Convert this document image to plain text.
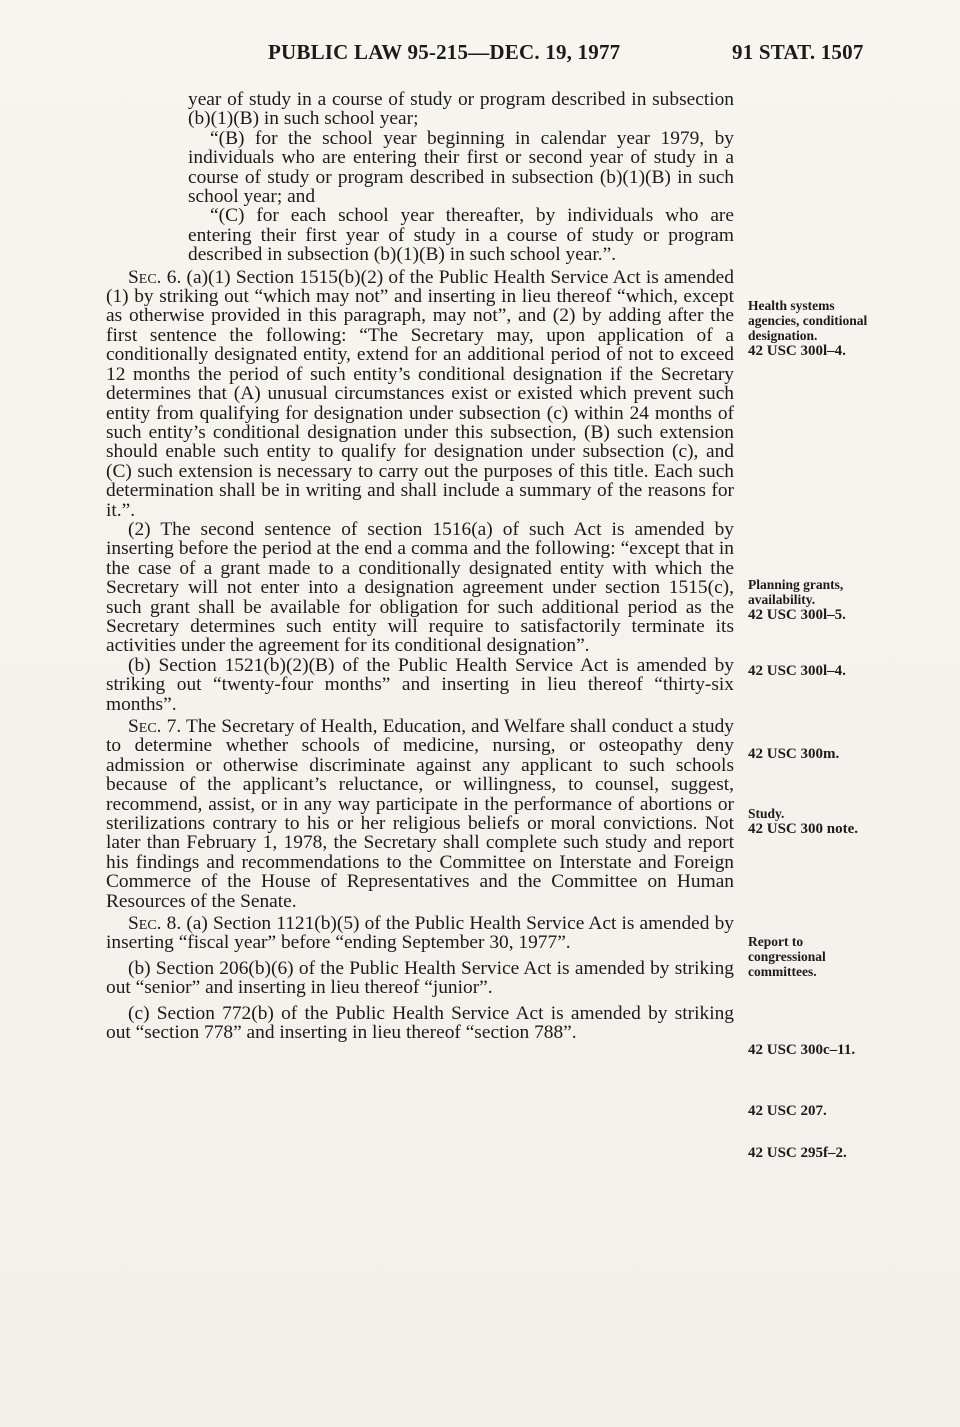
PUBLIC LAW 95-215—DEC. 19, 1977	91 STAT. 1507

year of study in a course of study or program described in subsection (b)(1)(B) in such school year;

“(B) for the school year beginning in calendar year 1979, by individuals who are entering their first or second year of study in a course of study or program described in subsection (b)(1)(B) in such school year; and

“(C) for each school year thereafter, by individuals who are entering their first year of study in a course of study or program described in subsection (b)(1)(B) in such school year.”.

Sec. 6. (a)(1) Section 1515(b)(2) of the Public Health Service Act is amended (1) by striking out “which may not” and inserting in lieu thereof “which, except as otherwise provided in this paragraph, may not”, and (2) by adding after the first sentence the following: “The Secretary may, upon application of a conditionally designated entity, extend for an additional period of not to exceed 12 months the period of such entity’s conditional designation if the Secretary determines that (A) unusual circumstances exist or existed which prevent such entity from qualifying for designation under subsection (c) within 24 months of such entity’s conditional designation under this subsection, (B) such extension should enable such entity to qualify for designation under subsection (c), and (C) such extension is necessary to carry out the purposes of this title. Each such determination shall be in writing and shall include a summary of the reasons for it.”.

(2) The second sentence of section 1516(a) of such Act is amended by inserting before the period at the end a comma and the following: “except that in the case of a grant made to a conditionally designated entity with which the Secretary will not enter into a designation agreement under section 1515(c), such grant shall be available for obligation for such additional period as the Secretary determines such entity will require to satisfactorily terminate its activities under the agreement for its conditional designation”.

(b) Section 1521(b)(2)(B) of the Public Health Service Act is amended by striking out “twenty-four months” and inserting in lieu thereof “thirty-six months”.

Sec. 7. The Secretary of Health, Education, and Welfare shall conduct a study to determine whether schools of medicine, nursing, or osteopathy deny admission or otherwise discriminate against any applicant to such schools because of the applicant’s reluctance, or willingness, to counsel, suggest, recommend, assist, or in any way participate in the performance of abortions or sterilizations contrary to his or her religious beliefs or moral convictions. Not later than February 1, 1978, the Secretary shall complete such study and report his findings and recommendations to the Committee on Interstate and Foreign Commerce of the House of Representatives and the Committee on Human Resources of the Senate.

Sec. 8. (a) Section 1121(b)(5) of the Public Health Service Act is amended by inserting “fiscal year” before “ending September 30, 1977”.

(b) Section 206(b)(6) of the Public Health Service Act is amended by striking out “senior” and inserting in lieu thereof “junior”.

(c) Section 772(b) of the Public Health Service Act is amended by striking out “section 778” and inserting in lieu thereof “section 788”.

Health systems agencies, conditional designation.
42 USC 300l–4.
Planning grants, availability.
42 USC 300l–5.
42 USC 300l–4.
42 USC 300m.
Study.
42 USC 300 note.
Report to congressional committees.
42 USC 300c–11.
42 USC 207.
42 USC 295f–2.
